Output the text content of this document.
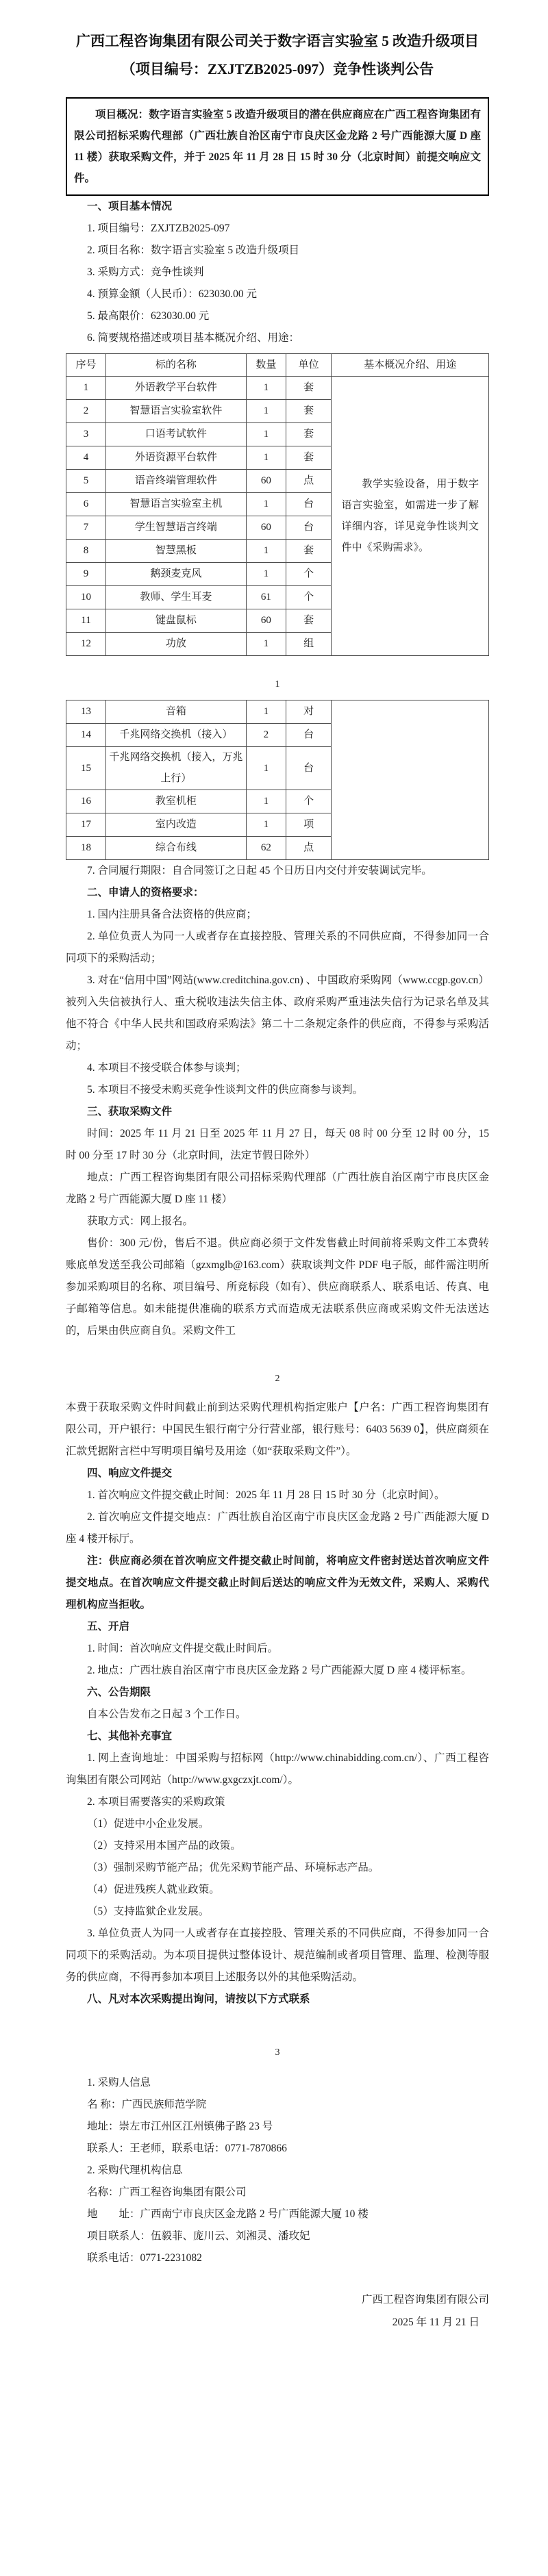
广西工程咨询集团有限公司关于数字语言实验室 5 改造升级项目
（项目编号：ZXJTZB2025-097）竞争性谈判公告
项目概况：数字语言实验室 5 改造升级项目的潜在供应商应在广西工程咨询集团有限公司招标采购代理部（广西壮族自治区南宁市良庆区金龙路 2 号广西能源大厦 D 座 11 楼）获取采购文件，并于 2025 年 11 月 28 日 15 时 30 分（北京时间）前提交响应文件。

一、项目基本情况

1. 项目编号：ZXJTZB2025-097

2. 项目名称：数字语言实验室 5 改造升级项目

3. 采购方式：竞争性谈判

4. 预算金额（人民币）：623030.00 元

5. 最高限价：623030.00 元

6. 简要规格描述或项目基本概况介绍、用途：

序号	标的名称	数量	单位	基本概况介绍、用途
1	外语教学平台软件	1	套	教学实验设备，用于数字语言实验室，如需进一步了解详细内容，详见竞争性谈判文件中《采购需求》。

2	智慧语言实验室软件	1	套	
3	口语考试软件	1	套	
4	外语资源平台软件	1	套	
5	语音终端管理软件	60	点	
6	智慧语言实验室主机	1	台	
7	学生智慧语言终端	60	台	
8	智慧黑板	1	套	
9	鹅颈麦克风	1	个	
10	教师、学生耳麦	61	个	
11	键盘鼠标	60	套	
12	功放	1	组	
1
13	音箱	1	对	
14	千兆网络交换机（接入）	2	台	
15	千兆网络交换机（接入，万兆上行）	1	台	
16	教室机柜	1	个	
17	室内改造	1	项	
18	综合布线	62	点	

7. 合同履行期限：自合同签订之日起 45 个日历日内交付并安装调试完毕。

二、申请人的资格要求：

1. 国内注册具备合法资格的供应商；

2. 单位负责人为同一人或者存在直接控股、管理关系的不同供应商，不得参加同一合同项下的采购活动；

3. 对在“信用中国”网站(www.creditchina.gov.cn) 、中国政府采购网（www.ccgp.gov.cn）被列入失信被执行人、重大税收违法失信主体、政府采购严重违法失信行为记录名单及其他不符合《中华人民共和国政府采购法》第二十二条规定条件的供应商，不得参与采购活动；

4. 本项目不接受联合体参与谈判；

5. 本项目不接受未购买竞争性谈判文件的供应商参与谈判。

三、获取采购文件

时间：2025 年 11 月 21 日至 2025 年 11 月 27 日，每天 08 时 00 分至 12 时 00 分，15 时 00 分至 17 时 30 分（北京时间，法定节假日除外）

地点：广西工程咨询集团有限公司招标采购代理部（广西壮族自治区南宁市良庆区金龙路 2 号广西能源大厦 D 座 11 楼）

获取方式：网上报名。

售价：300 元/份，售后不退。供应商必须于文件发售截止时间前将采购文件工本费转账底单发送至我公司邮箱（gzxmglb@163.com）获取谈判文件 PDF 电子版，邮件需注明所参加采购项目的名称、项目编号、所竞标段（如有）、供应商联系人、联系电话、传真、电子邮箱等信息。如未能提供准确的联系方式而造成无法联系供应商或采购文件无法送达的，后果由供应商自负。采购文件工

2

本费于获取采购文件时间截止前到达采购代理机构指定账户【户名：广西工程咨询集团有限公司，开户银行：中国民生银行南宁分行营业部，银行账号：6403 5639 0】，供应商须在汇款凭据附言栏中写明项目编号及用途（如“获取采购文件”）。

四、响应文件提交

1. 首次响应文件提交截止时间：2025 年 11 月 28 日 15 时 30 分（北京时间）。

2. 首次响应文件提交地点：广西壮族自治区南宁市良庆区金龙路 2 号广西能源大厦 D 座 4 楼开标厅。

注：供应商必须在首次响应文件提交截止时间前，将响应文件密封送达首次响应文件提交地点。在首次响应文件提交截止时间后送达的响应文件为无效文件，采购人、采购代理机构应当拒收。

五、开启

1. 时间：首次响应文件提交截止时间后。

2. 地点：广西壮族自治区南宁市良庆区金龙路 2 号广西能源大厦 D 座 4 楼评标室。

六、公告期限

自本公告发布之日起 3 个工作日。

七、其他补充事宜

1. 网上查询地址：中国采购与招标网（http://www.chinabidding.com.cn/）、广西工程咨询集团有限公司网站（http://www.gxgczxjt.com/）。

2. 本项目需要落实的采购政策

（1）促进中小企业发展。

（2）支持采用本国产品的政策。

（3）强制采购节能产品；优先采购节能产品、环境标志产品。

（4）促进残疾人就业政策。

（5）支持监狱企业发展。

3. 单位负责人为同一人或者存在直接控股、管理关系的不同供应商，不得参加同一合同项下的采购活动。为本项目提供过整体设计、规范编制或者项目管理、监理、检测等服务的供应商，不得再参加本项目上述服务以外的其他采购活动。

八、凡对本次采购提出询问，请按以下方式联系

3

1. 采购人信息

名 称：广西民族师范学院

地址：崇左市江州区江州镇佛子路 23 号

联系人：王老师，联系电话：0771-7870866

2. 采购代理机构信息

名称：广西工程咨询集团有限公司

地　　址：广西南宁市良庆区金龙路 2 号广西能源大厦 10 楼

项目联系人：伍毅菲、庞川云、刘湘灵、潘玫妃

联系电话：0771-2231082

广西工程咨询集团有限公司

2025 年 11 月 21 日
